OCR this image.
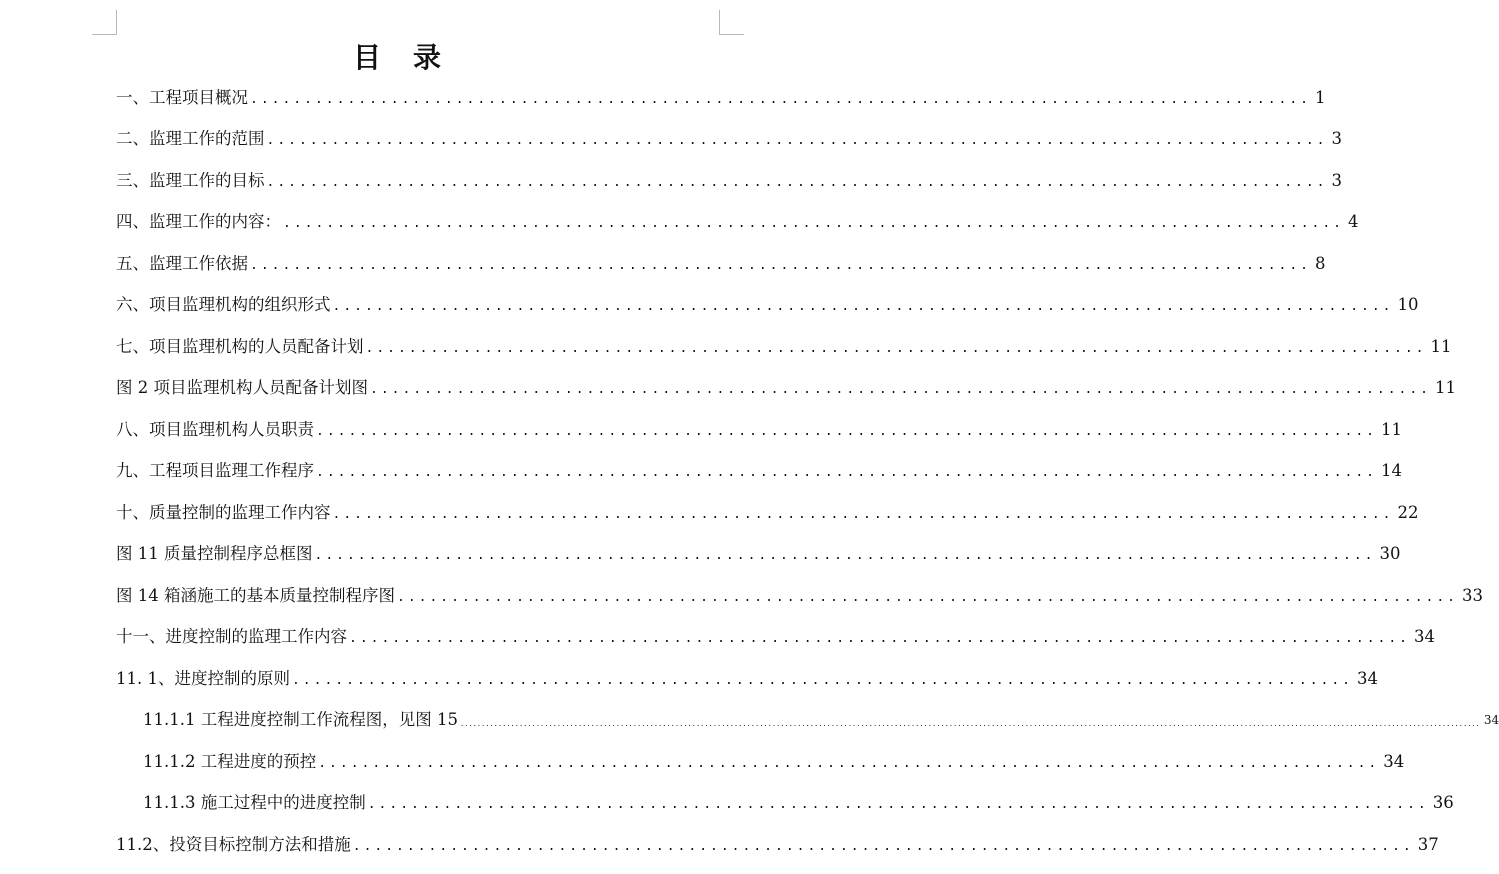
目　录
一、工程项目概况 .................................................................................................. 1
二、监理工作的范围 .................................................................................................. 3
三、监理工作的目标 .................................................................................................. 3
四、监理工作的内容： .................................................................................................. 4
五、监理工作依据 .................................................................................................. 8
六、项目监理机构的组织形式 .................................................................................................. 10
七、项目监理机构的人员配备计划 .................................................................................................. 11
图 2 项目监理机构人员配备计划图 .................................................................................................. 11
八、项目监理机构人员职责 .................................................................................................. 11
九、工程项目监理工作程序 .................................................................................................. 14
十、质量控制的监理工作内容 .................................................................................................. 22
图 11 质量控制程序总框图 .................................................................................................. 30
图 14 箱涵施工的基本质量控制程序图 .................................................................................................. 33
十一、进度控制的监理工作内容 .................................................................................................. 34
11. 1、进度控制的原则 .................................................................................................. 34
11.1.1 工程进度控制工作流程图，见图 15 .................................................................................................................................................................................................................................................. 34
11.1.2 工程进度的预控 .................................................................................................. 34
11.1.3 施工过程中的进度控制 .................................................................................................. 36
11.2、投资目标控制方法和措施 .................................................................................................. 37
